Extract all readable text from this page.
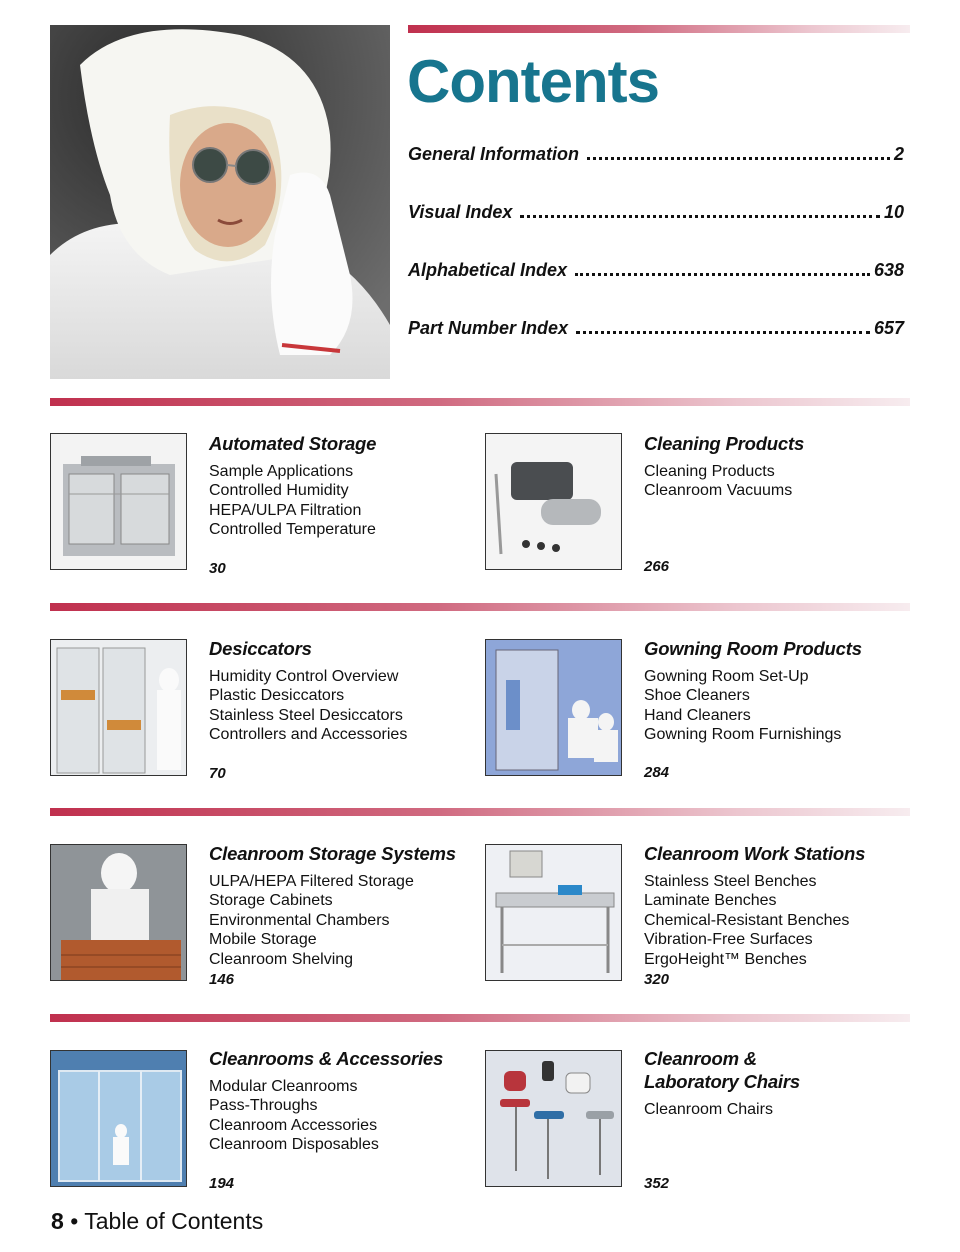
Contents
General Information	2
Visual Index	10
Alphabetical Index	638
Part Number Index	657
Automated Storage
Sample Applications
Controlled Humidity
HEPA/ULPA Filtration
Controlled Temperature
30
Cleaning Products
Cleaning Products
Cleanroom Vacuums
266
Desiccators
Humidity Control Overview
Plastic Desiccators
Stainless Steel Desiccators
Controllers and Accessories
70
Gowning Room Products
Gowning Room Set-Up
Shoe Cleaners
Hand Cleaners
Gowning Room Furnishings
284
Cleanroom Storage Systems
ULPA/HEPA Filtered Storage
Storage Cabinets
Environmental Chambers
Mobile Storage
Cleanroom Shelving
146
Cleanroom Work Stations
Stainless Steel Benches
Laminate Benches
Chemical-Resistant Benches
Vibration-Free Surfaces
ErgoHeight™ Benches
320
Cleanrooms & Accessories
Modular Cleanrooms
Pass-Throughs
Cleanroom Accessories
Cleanroom Disposables
194
Cleanroom &
Laboratory Chairs
Cleanroom Chairs
352
8 • Table of Contents
